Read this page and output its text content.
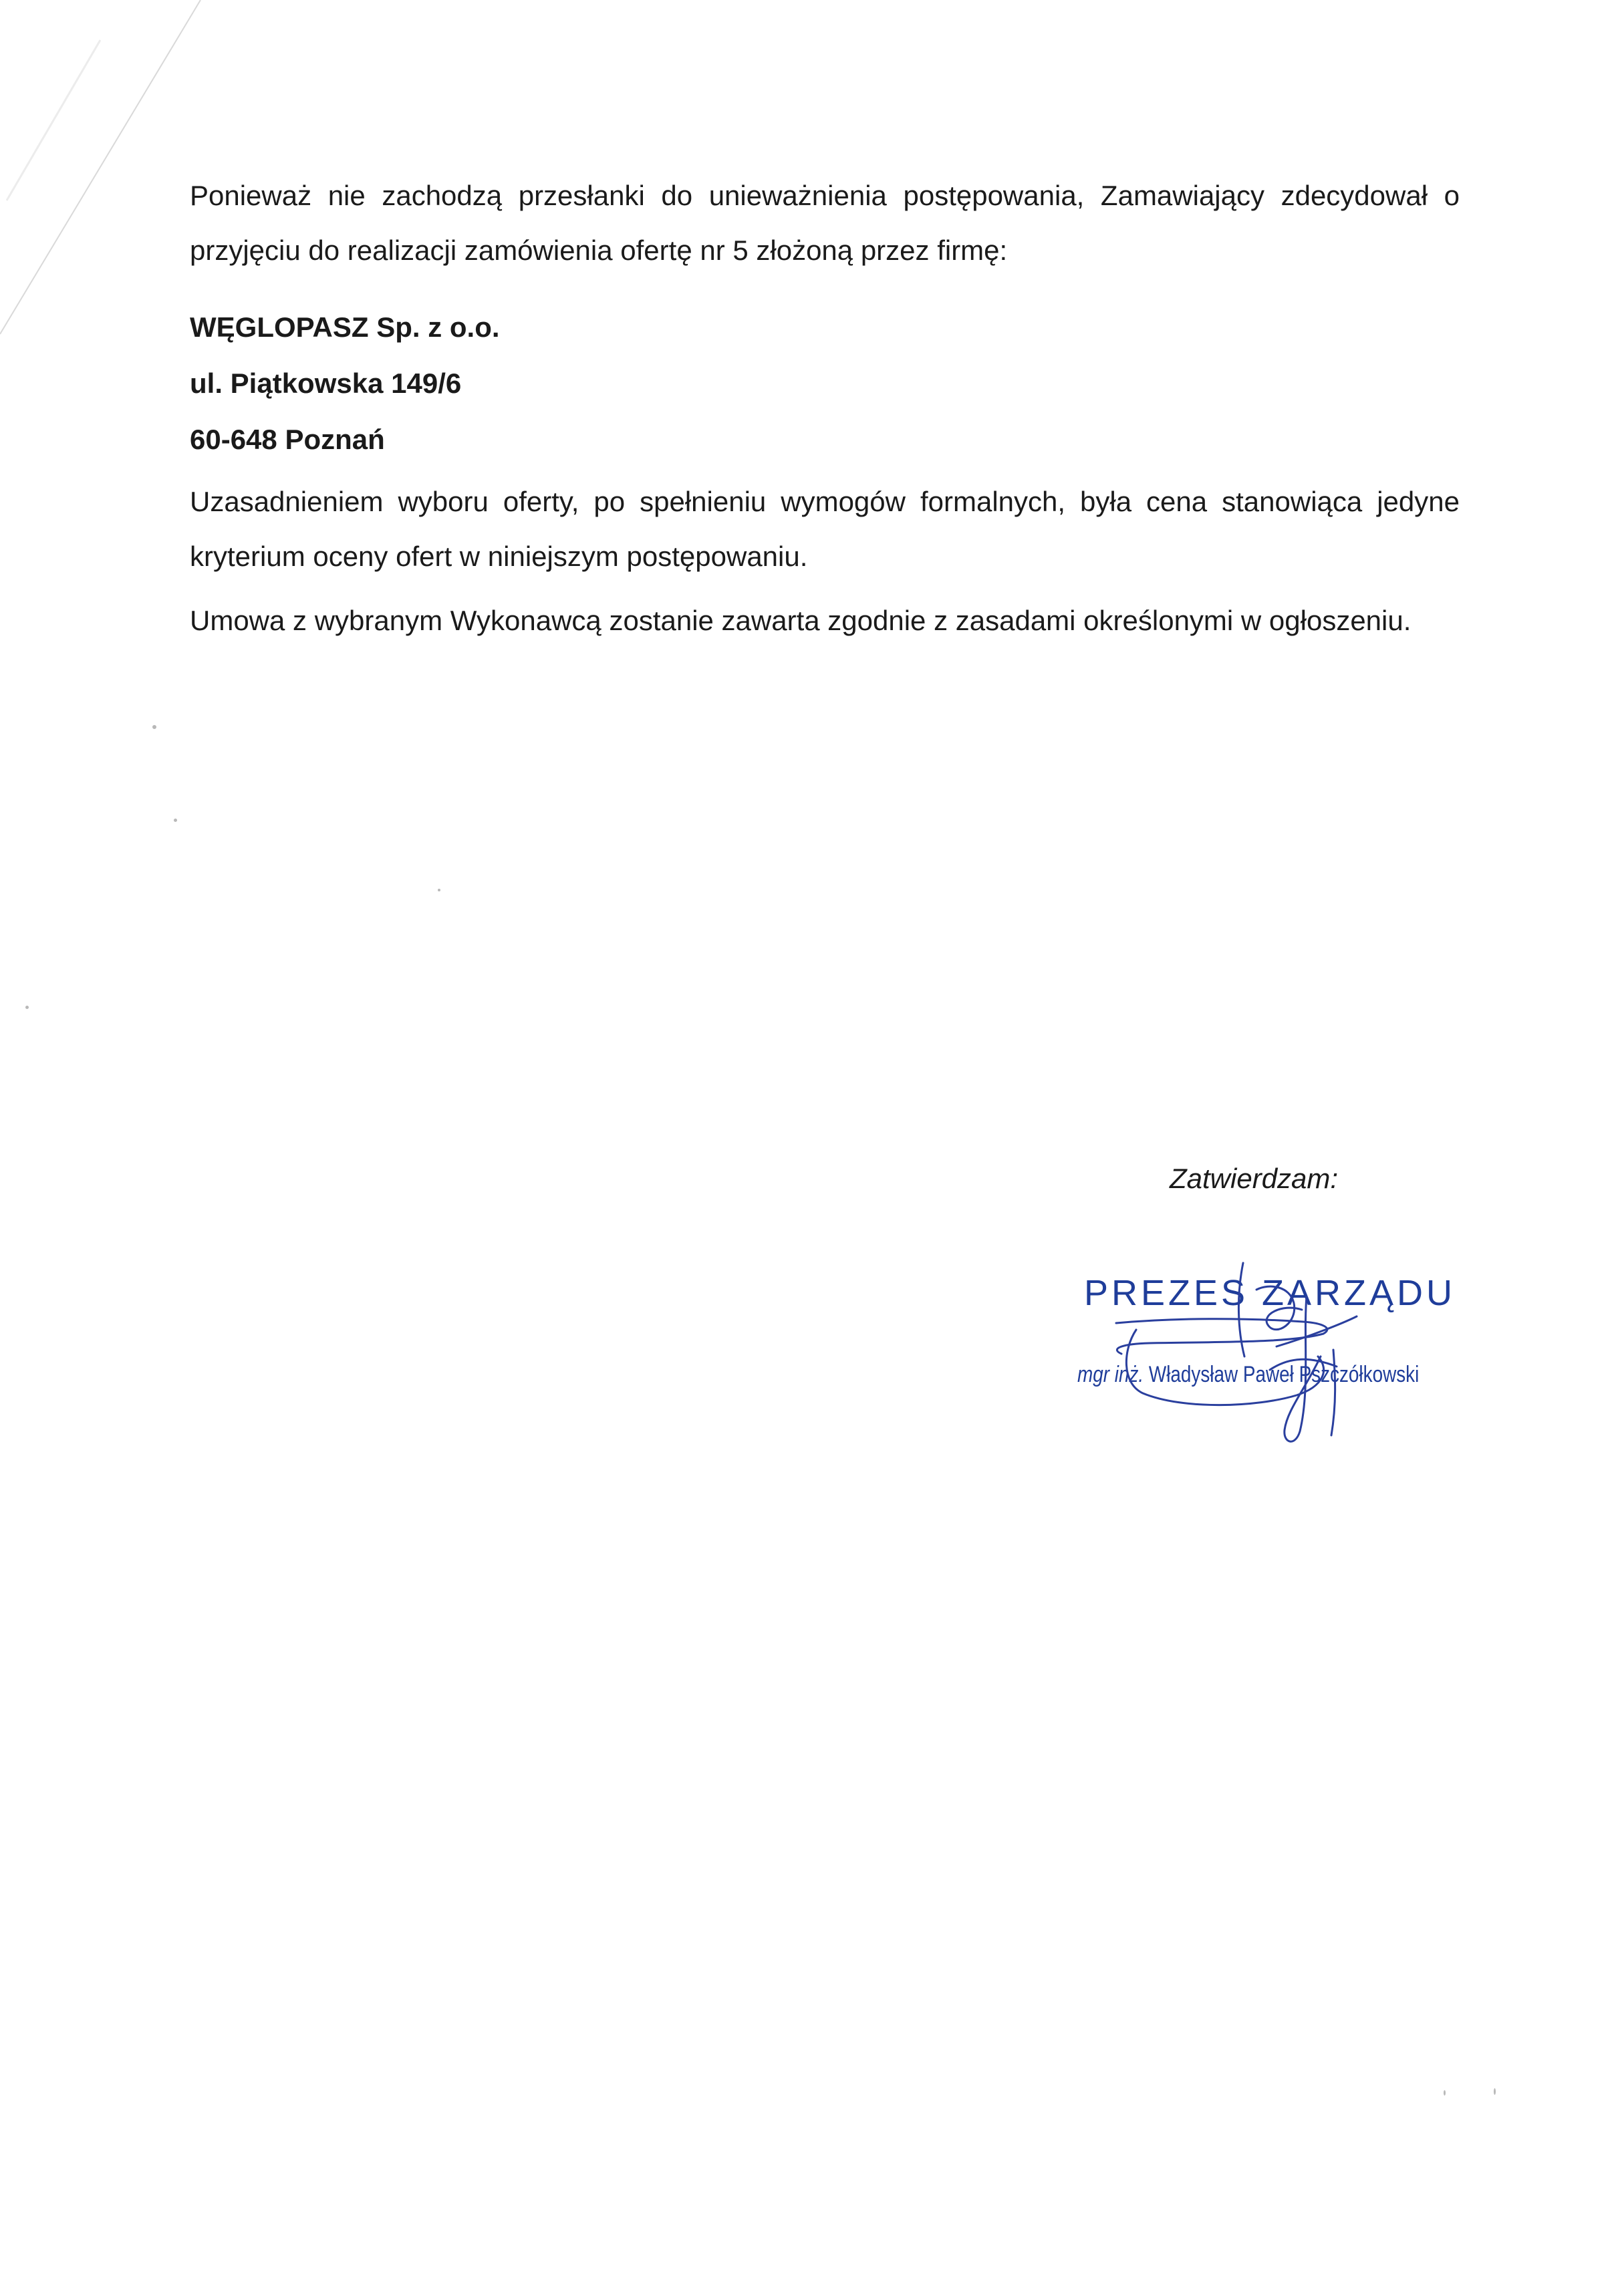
Ponieważ nie zachodzą przesłanki do unieważnienia postępowania, Zamawiający zdecydował o przyjęciu do realizacji zamówienia ofertę nr 5 złożoną przez firmę:
WĘGLOPASZ Sp. z o.o.
ul. Piątkowska 149/6
60-648 Poznań
Uzasadnieniem wyboru oferty, po spełnieniu wymogów formalnych, była cena stanowiąca jedyne kryterium oceny ofert w niniejszym postępowaniu.
Umowa z wybranym Wykonawcą zostanie zawarta zgodnie z zasadami określonymi w ogłoszeniu.
Zatwierdzam:
PREZES ZARZĄDU
mgr inż. Władysław Paweł Pszczółkowski
